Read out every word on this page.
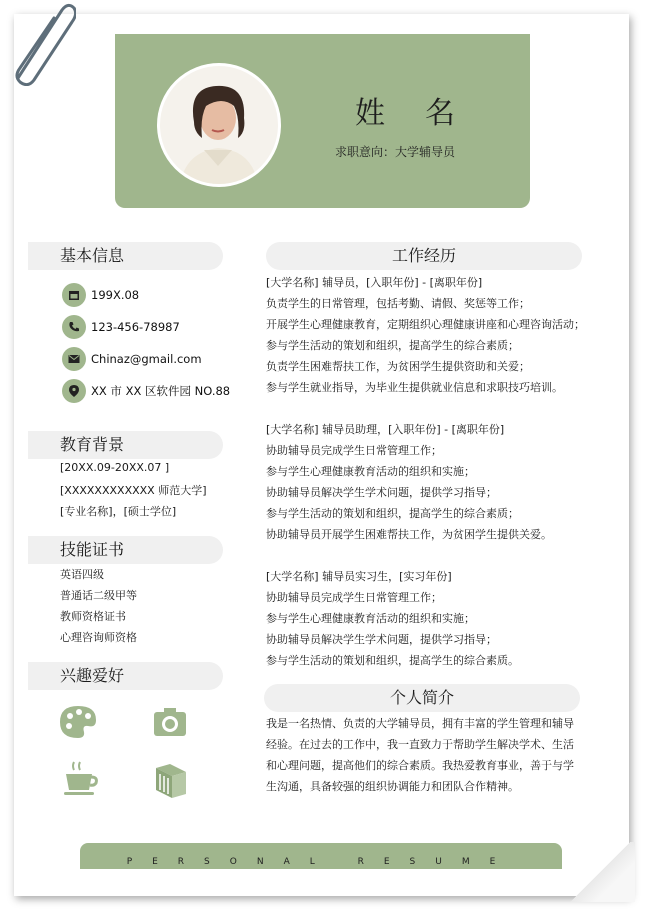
姓名
求职意向：大学辅导员
基本信息
199X.08
123-456-78987
Chinaz@gmail.com
XX 市 XX 区软件园 NO.88
教育背景
[20XX.09-20XX.07 ]
[XXXXXXXXXXXX 师范大学]
[专业名称]，[硕士学位]
技能证书
英语四级
普通话二级甲等
教师资格证书
心理咨询师资格
兴趣爱好
工作经历
[大学名称] 辅导员，[入职年份] - [离职年份]
负责学生的日常管理，包括考勤、请假、奖惩等工作；
开展学生心理健康教育，定期组织心理健康讲座和心理咨询活动；
参与学生活动的策划和组织，提高学生的综合素质；
负责学生困难帮扶工作，为贫困学生提供资助和关爱；
参与学生就业指导，为毕业生提供就业信息和求职技巧培训。
[大学名称] 辅导员助理，[入职年份] - [离职年份]
协助辅导员完成学生日常管理工作；
参与学生心理健康教育活动的组织和实施；
协助辅导员解决学生学术问题，提供学习指导；
参与学生活动的策划和组织，提高学生的综合素质；
协助辅导员开展学生困难帮扶工作，为贫困学生提供关爱。
[大学名称] 辅导员实习生，[实习年份]
协助辅导员完成学生日常管理工作；
参与学生心理健康教育活动的组织和实施；
协助辅导员解决学生学术问题，提供学习指导；
参与学生活动的策划和组织，提高学生的综合素质。
个人简介
我是一名热情、负责的大学辅导员，拥有丰富的学生管理和辅导
经验。在过去的工作中，我一直致力于帮助学生解决学术、生活
和心理问题，提高他们的综合素质。我热爱教育事业，善于与学
生沟通，具备较强的组织协调能力和团队合作精神。
PERSONAL RESUME
